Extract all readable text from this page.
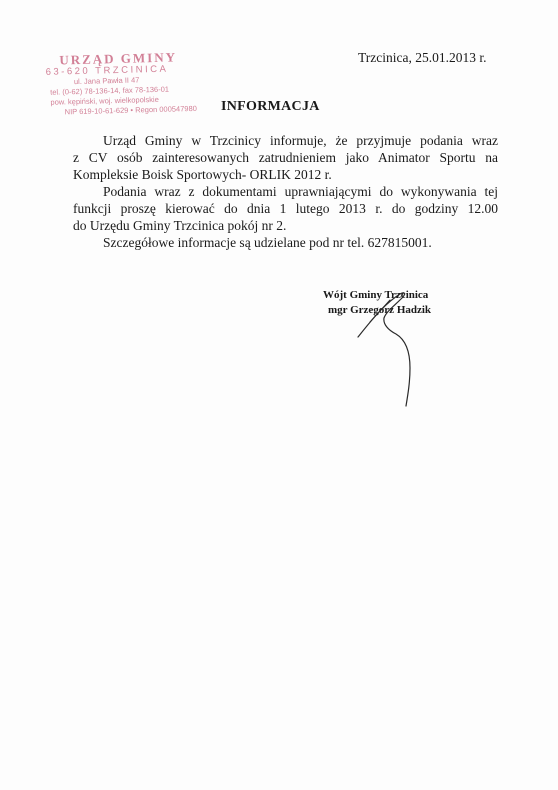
URZĄD GMINY
63-620 TRZCINICA
ul. Jana Pawła II 47
tel. (0-62) 78-136-14, fax 78-136-01
pow. kępiński, woj. wielkopolskie
NIP 619-10-61-629 • Regon 000547980
Trzcinica, 25.01.2013 r.
INFORMACJA

Urząd Gminy w Trzcinicy informuje, że przyjmuje podania wraz

z CV osób zainteresowanych zatrudnieniem jako Animator Sportu na

Kompleksie Boisk Sportowych- ORLIK 2012 r.

Podania wraz z dokumentami uprawniającymi do wykonywania tej

funkcji proszę kierować do dnia 1 lutego 2013 r. do godziny 12.00

do Urzędu Gminy Trzcinica pokój nr 2.

Szczegółowe informacje są udzielane pod nr tel. 627815001.

Wójt Gminy Trzcinica
mgr Grzegorz Hadzik
